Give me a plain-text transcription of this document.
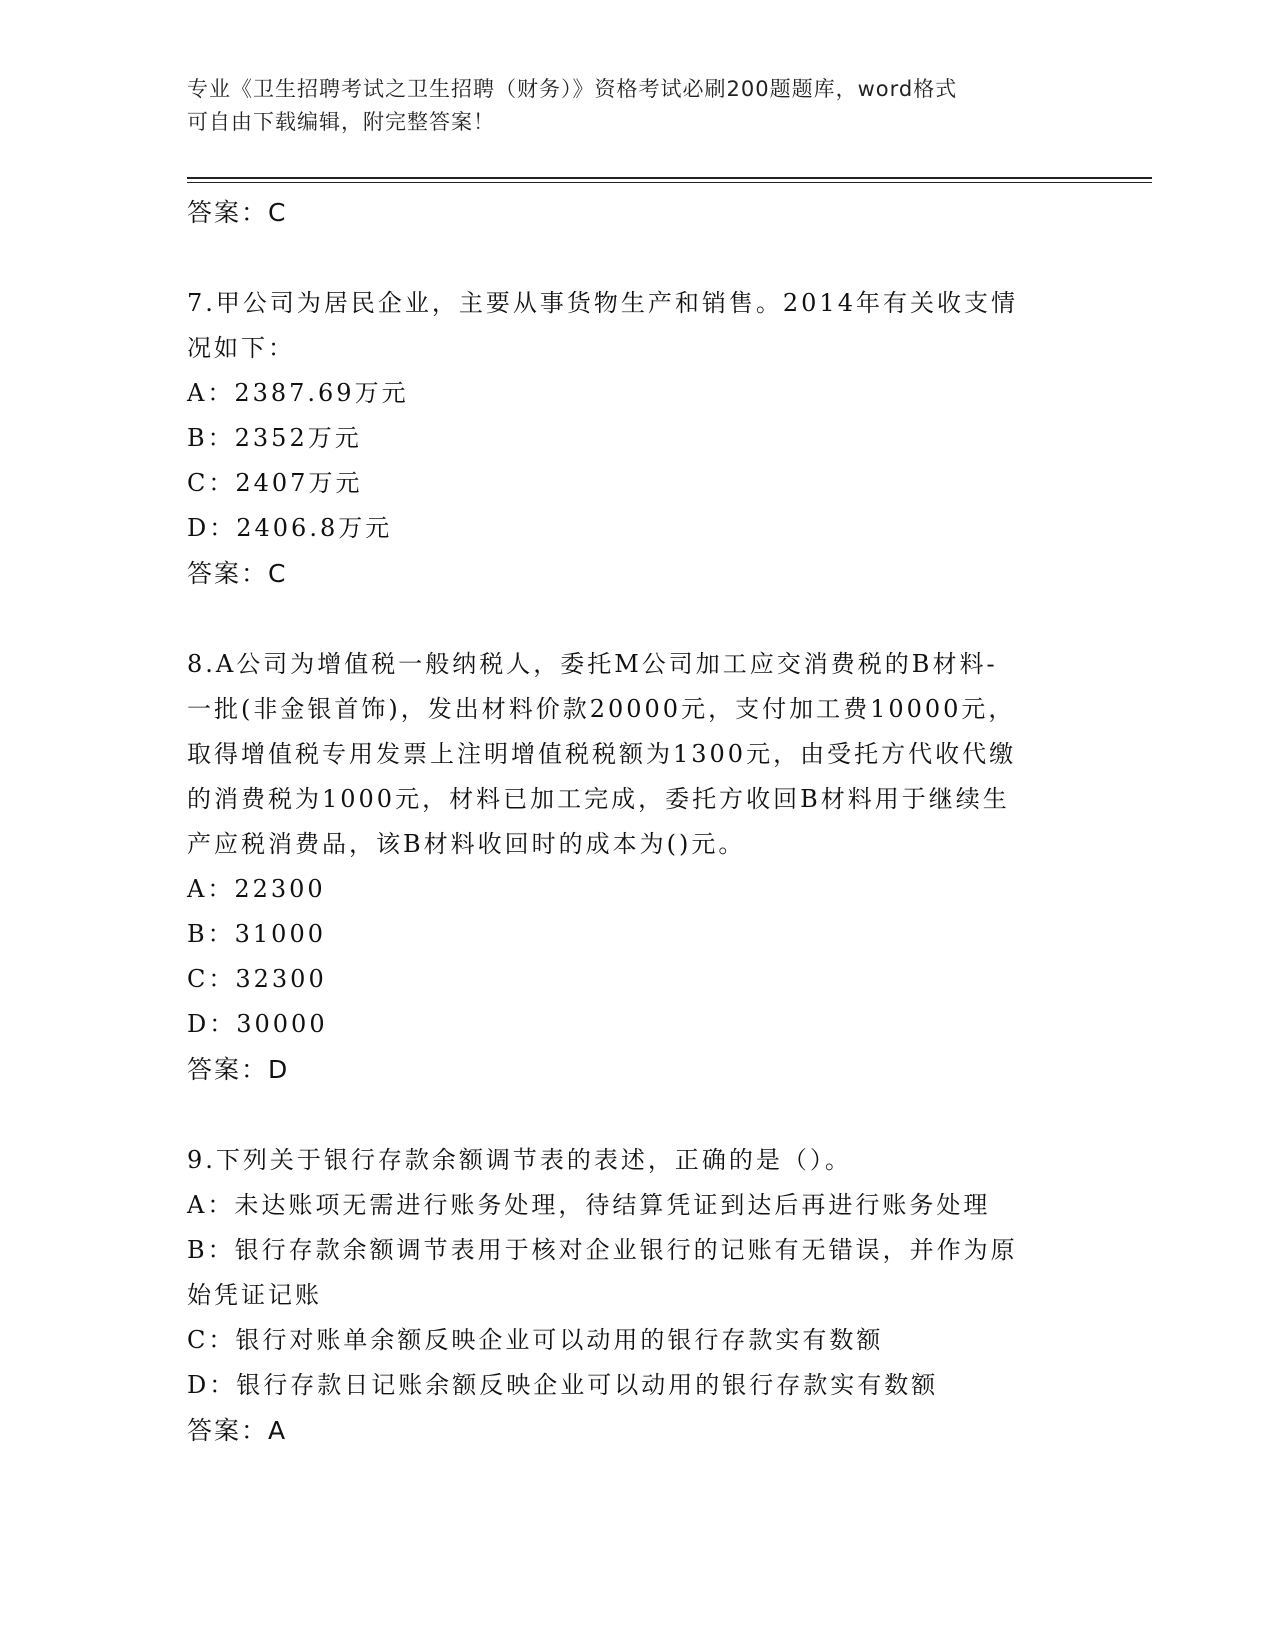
专业《卫生招聘考试之卫生招聘（财务）》资格考试必刷200题题库，word格式
可自由下载编辑，附完整答案！
答案：C
7.甲公司为居民企业，主要从事货物生产和销售。2014年有关收支情
况如下：
A：2387.69万元
B：2352万元
C：2407万元
D：2406.8万元
答案：C
8.A公司为增值税一般纳税人，委托M公司加工应交消费税的B材料-
一批(非金银首饰)，发出材料价款20000元，支付加工费10000元，
取得增值税专用发票上注明增值税税额为1300元，由受托方代收代缴
的消费税为1000元，材料已加工完成，委托方收回B材料用于继续生
产应税消费品，该B材料收回时的成本为()元。
A：22300
B：31000
C：32300
D：30000
答案：D
9.下列关于银行存款余额调节表的表述，正确的是（）。
A：未达账项无需进行账务处理，待结算凭证到达后再进行账务处理
B：银行存款余额调节表用于核对企业银行的记账有无错误，并作为原
始凭证记账
C：银行对账单余额反映企业可以动用的银行存款实有数额
D：银行存款日记账余额反映企业可以动用的银行存款实有数额
答案：A
